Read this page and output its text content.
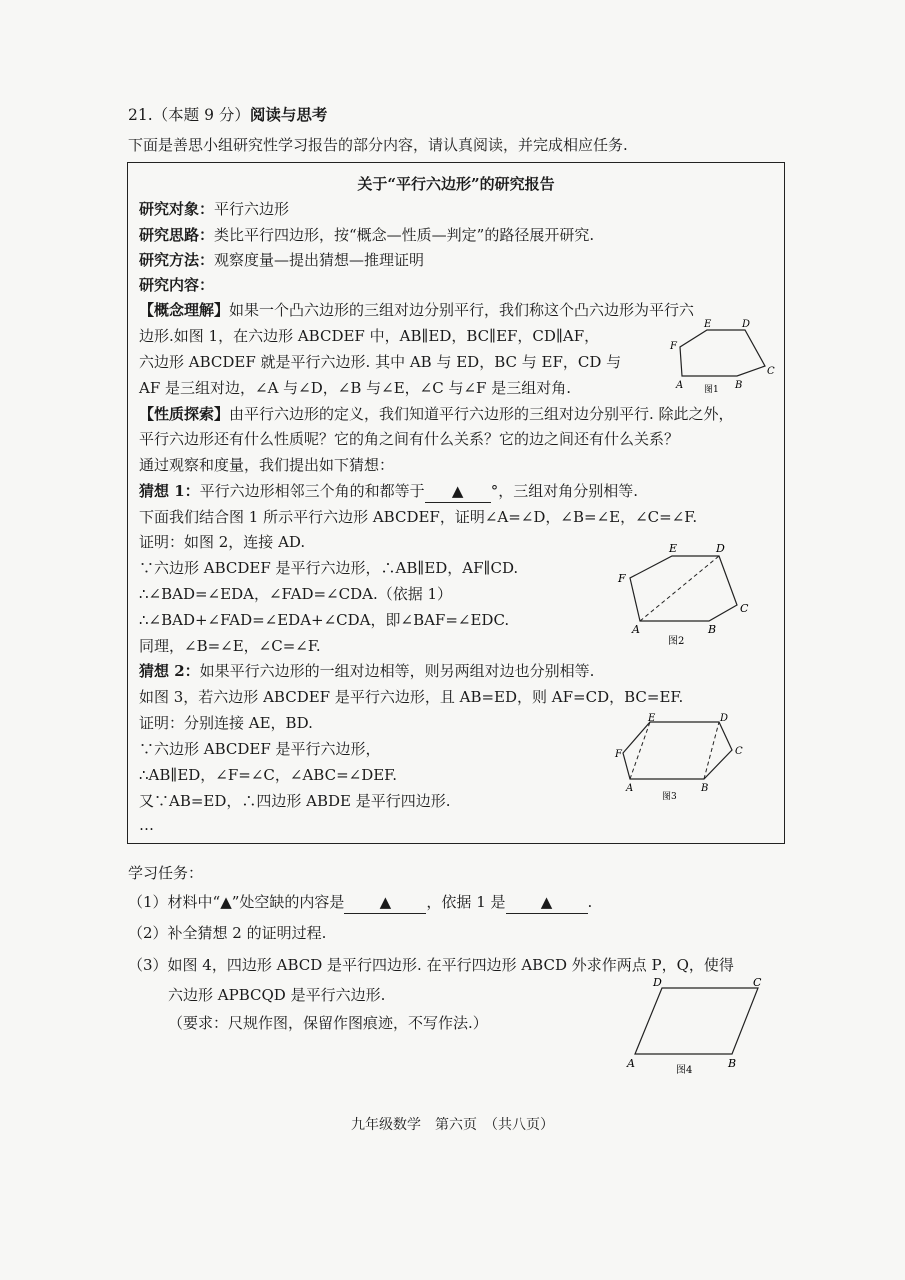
21.（本题 9 分）阅读与思考
下面是善思小组研究性学习报告的部分内容，请认真阅读，并完成相应任务.
关于“平行六边形”的研究报告
研究对象：平行六边形
研究思路：类比平行四边形，按“概念—性质—判定”的路径展开研究.
研究方法：观察度量—提出猜想—推理证明
研究内容：
【概念理解】如果一个凸六边形的三组对边分别平行，我们称这个凸六边形为平行六
边形.如图 1，在六边形 ABCDEF 中，AB∥ED，BC∥EF，CD∥AF，
六边形 ABCDEF 就是平行六边形. 其中 AB 与 ED，BC 与 EF，CD 与
AF 是三组对边，∠A 与∠D，∠B 与∠E，∠C 与∠F 是三组对角.
【性质探索】由平行六边形的定义，我们知道平行六边形的三组对边分别平行. 除此之外，
平行六边形还有什么性质呢？它的角之间有什么关系？它的边之间还有什么关系？
通过观察和度量，我们提出如下猜想：
猜想 1：平行六边形相邻三个角的和都等于 ▲ °，三组对角分别相等.
下面我们结合图 1 所示平行六边形 ABCDEF，证明∠A=∠D，∠B=∠E，∠C=∠F.
证明：如图 2，连接 AD.
∵六边形 ABCDEF 是平行六边形，∴AB∥ED，AF∥CD.
∴∠BAD=∠EDA，∠FAD=∠CDA.（依据 1）
∴∠BAD+∠FAD=∠EDA+∠CDA，即∠BAF=∠EDC.
同理，∠B=∠E，∠C=∠F.
猜想 2：如果平行六边形的一组对边相等，则另两组对边也分别相等.
如图 3，若六边形 ABCDEF 是平行六边形，且 AB=ED，则 AF=CD，BC=EF.
证明：分别连接 AE，BD.
∵六边形 ABCDEF 是平行六边形，
∴AB∥ED，∠F=∠C，∠ABC=∠DEF.
又∵AB=ED，∴四边形 ABDE 是平行四边形.
…
A	B
C
D
E
F
图1
A	B
C
D
E
F
图2
A	B
C
D
E
F
图3
学习任务：
（1）材料中“▲”处空缺的内容是 ▲ ，依据 1 是 ▲ .
（2）补全猜想 2 的证明过程.
（3）如图 4，四边形 ABCD 是平行四边形. 在平行四边形 ABCD 外求作两点 P，Q，使得
六边形 APBCQD 是平行六边形.
（要求：尺规作图，保留作图痕迹，不写作法.）
A	B
C
D
图4
九年级数学　第六页　（共八页）
